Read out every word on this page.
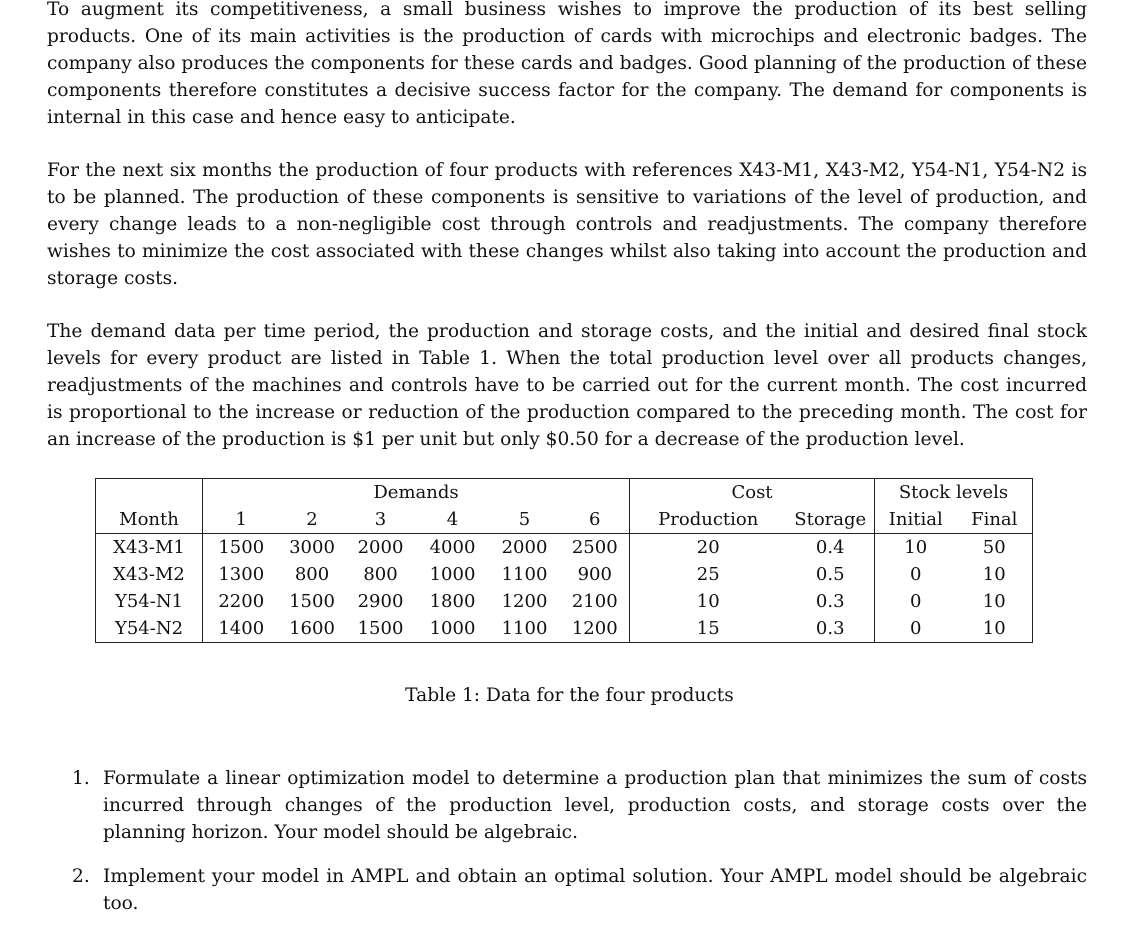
To augment its competitiveness, a small business wishes to improve the production of its best selling products. One of its main activities is the production of cards with microchips and electronic badges. The company also produces the components for these cards and badges. Good planning of the production of these components therefore constitutes a decisive success factor for the company. The demand for components is internal in this case and hence easy to anticipate.

For the next six months the production of four products with references X43-M1, X43-M2, Y54-N1, Y54-N2 is to be planned. The production of these components is sensitive to variations of the level of production, and every change leads to a non-negligible cost through controls and readjustments. The company therefore wishes to minimize the cost associated with these changes whilst also taking into account the production and storage costs.

The demand data per time period, the production and storage costs, and the initial and desired final stock levels for every product are listed in Table 1. When the total production level over all products changes, readjustments of the machines and controls have to be carried out for the current month. The cost incurred is proportional to the increase or reduction of the production compared to the preceding month. The cost for an increase of the production is $1 per unit but only $0.50 for a decrease of the production level.

	Demands						Cost		Stock levels	
Month	1	2	3	4	5	6	Production	Storage	Initial	Final
X43-M1	1500	3000	2000	4000	2000	2500	20	0.4	10	50
X43-M2	1300	800	800	1000	1100	900	25	0.5	0	10
Y54-N1	2200	1500	2900	1800	1200	2100	10	0.3	0	10
Y54-N2	1400	1600	1500	1000	1100	1200	15	0.3	0	10

Table 1: Data for the four products

1. Formulate a linear optimization model to determine a production plan that minimizes the sum of costs incurred through changes of the production level, production costs, and storage costs over the planning horizon. Your model should be algebraic.
2. Implement your model in AMPL and obtain an optimal solution. Your AMPL model should be algebraic too.
